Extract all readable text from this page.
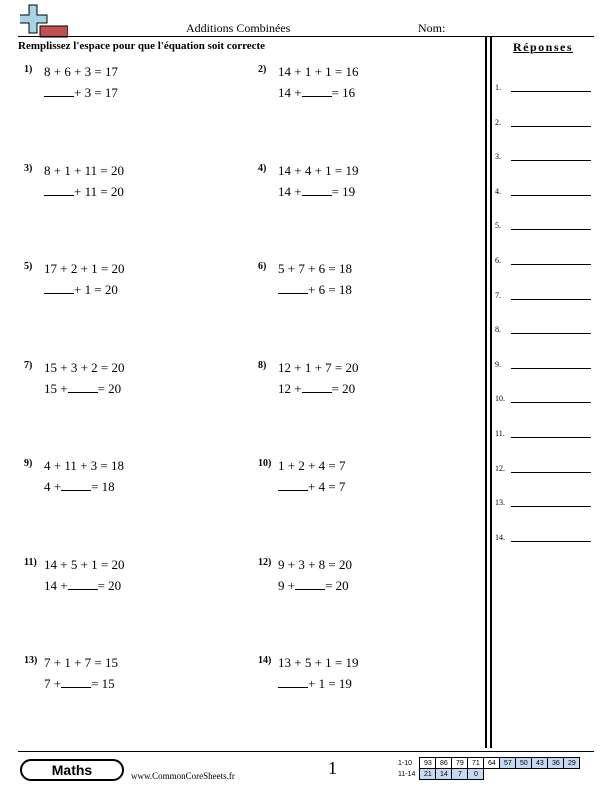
Additions Combinées	Nom:
Remplissez l'espace pour que l'équation soit correcte	Réponses
1.
2.
3.
4.
5.
6.
7.
8.
9.
10.
11.
12.
13.
14.
1) 8 + 6 + 3 = 17
+ 3 = 17
2) 14 + 1 + 1 = 16
14 + = 16
3) 8 + 1 + 11 = 20
+ 11 = 20
4) 14 + 4 + 1 = 19
14 + = 19
5) 17 + 2 + 1 = 20
+ 1 = 20
6) 5 + 7 + 6 = 18
+ 6 = 18
7) 15 + 3 + 2 = 20
15 + = 20
8) 12 + 1 + 7 = 20
12 + = 20
9) 4 + 11 + 3 = 18
4 + = 18
10) 1 + 2 + 4 = 7
+ 4 = 7
11) 14 + 5 + 1 = 20
14 + = 20
12) 9 + 3 + 8 = 20
9 + = 20
13) 7 + 1 + 7 = 15
7 + = 15
14) 13 + 5 + 1 = 19
+ 1 = 19
Maths	www.CommonCoreSheets.fr	1	1-10	93	86	79	71	64	57	50	43	36	29
11-14	21	14	7	0						
